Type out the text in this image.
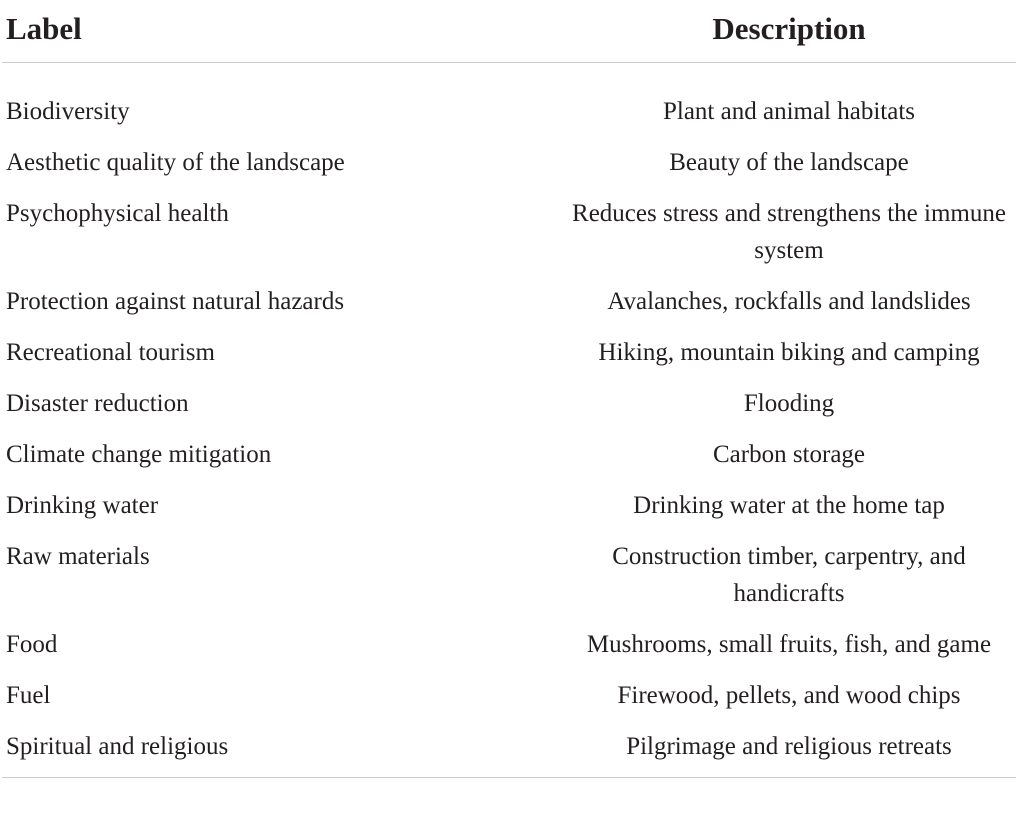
Label	Description
Biodiversity	Plant and animal habitats
Aesthetic quality of the landscape	Beauty of the landscape
Psychophysical health	Reduces stress and strengthens the immune system
Protection against natural hazards	Avalanches, rockfalls and landslides
Recreational tourism	Hiking, mountain biking and camping
Disaster reduction	Flooding
Climate change mitigation	Carbon storage
Drinking water	Drinking water at the home tap
Raw materials	Construction timber, carpentry, and handicrafts
Food	Mushrooms, small fruits, fish, and game
Fuel	Firewood, pellets, and wood chips
Spiritual and religious	Pilgrimage and religious retreats
